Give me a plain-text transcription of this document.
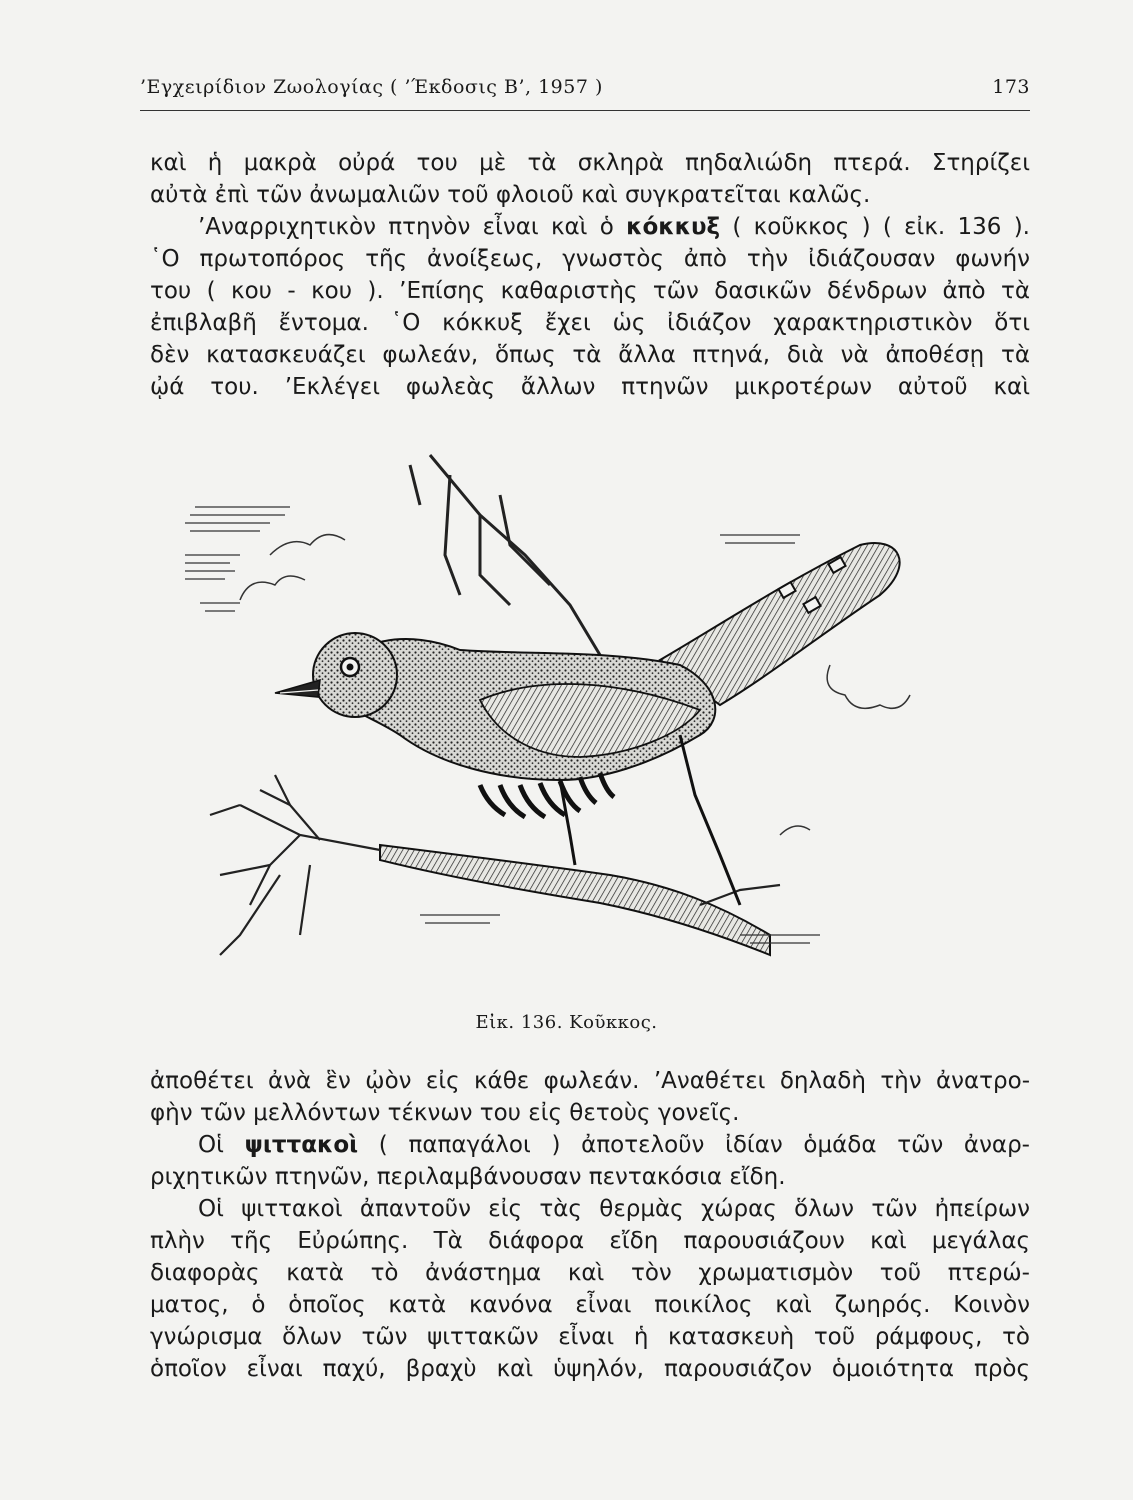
’Εγχειρίδιον Ζωολογίας ( ’Έκδοσις Β’, 1957 )	173
καὶ ἡ μακρὰ οὐρά του μὲ τὰ σκληρὰ πηδαλιώδη πτερά. Στηρίζει
αὐτὰ ἐπὶ τῶν ἀνωμαλιῶν τοῦ φλοιοῦ καὶ συγκρατεῖται καλῶς.
’Αναρριχητικὸν πτηνὸν εἶναι καὶ ὁ κόκκυξ ( κοῦκκος ) ( εἰκ. 136 ).
῾Ο πρωτοπόρος τῆς ἀνοίξεως, γνωστὸς ἀπὸ τὴν ἰδιάζουσαν φωνήν
του ( κου - κου ). ’Επίσης καθαριστὴς τῶν δασικῶν δένδρων ἀπὸ τὰ
ἐπιβλαβῆ ἔντομα. ῾Ο κόκκυξ ἔχει ὡς ἰδιάζον χαρακτηριστικὸν ὅτι
δὲν κατασκευάζει φωλεάν, ὅπως τὰ ἄλλα πτηνά, διὰ νὰ ἀποθέσῃ τὰ
ᾠά του. ’Εκλέγει φωλεὰς ἄλλων πτηνῶν μικροτέρων αὐτοῦ καὶ
Εἰκ. 136. Κοῦκκος.
ἀποθέτει ἀνὰ ἓν ᾠὸν εἰς κάθε φωλεάν. ’Αναθέτει δηλαδὴ τὴν ἀνατρο-
φὴν τῶν μελλόντων τέκνων του εἰς θετοὺς γονεῖς.
Οἱ ψιττακοὶ ( παπαγάλοι ) ἀποτελοῦν ἰδίαν ὁμάδα τῶν ἀναρ-
ριχητικῶν πτηνῶν, περιλαμβάνουσαν πεντακόσια εἴδη.
Οἱ ψιττακοὶ ἀπαντοῦν εἰς τὰς θερμὰς χώρας ὅλων τῶν ἠπείρων
πλὴν τῆς Εὐρώπης. Τὰ διάφορα εἴδη παρουσιάζουν καὶ μεγάλας
διαφορὰς κατὰ τὸ ἀνάστημα καὶ τὸν χρωματισμὸν τοῦ πτερώ-
ματος, ὁ ὁποῖος κατὰ κανόνα εἶναι ποικίλος καὶ ζωηρός. Κοινὸν
γνώρισμα ὅλων τῶν ψιττακῶν εἶναι ἡ κατασκευὴ τοῦ ράμφους, τὸ
ὁποῖον εἶναι παχύ, βραχὺ καὶ ὑψηλόν, παρουσιάζον ὁμοιότητα πρὸς
